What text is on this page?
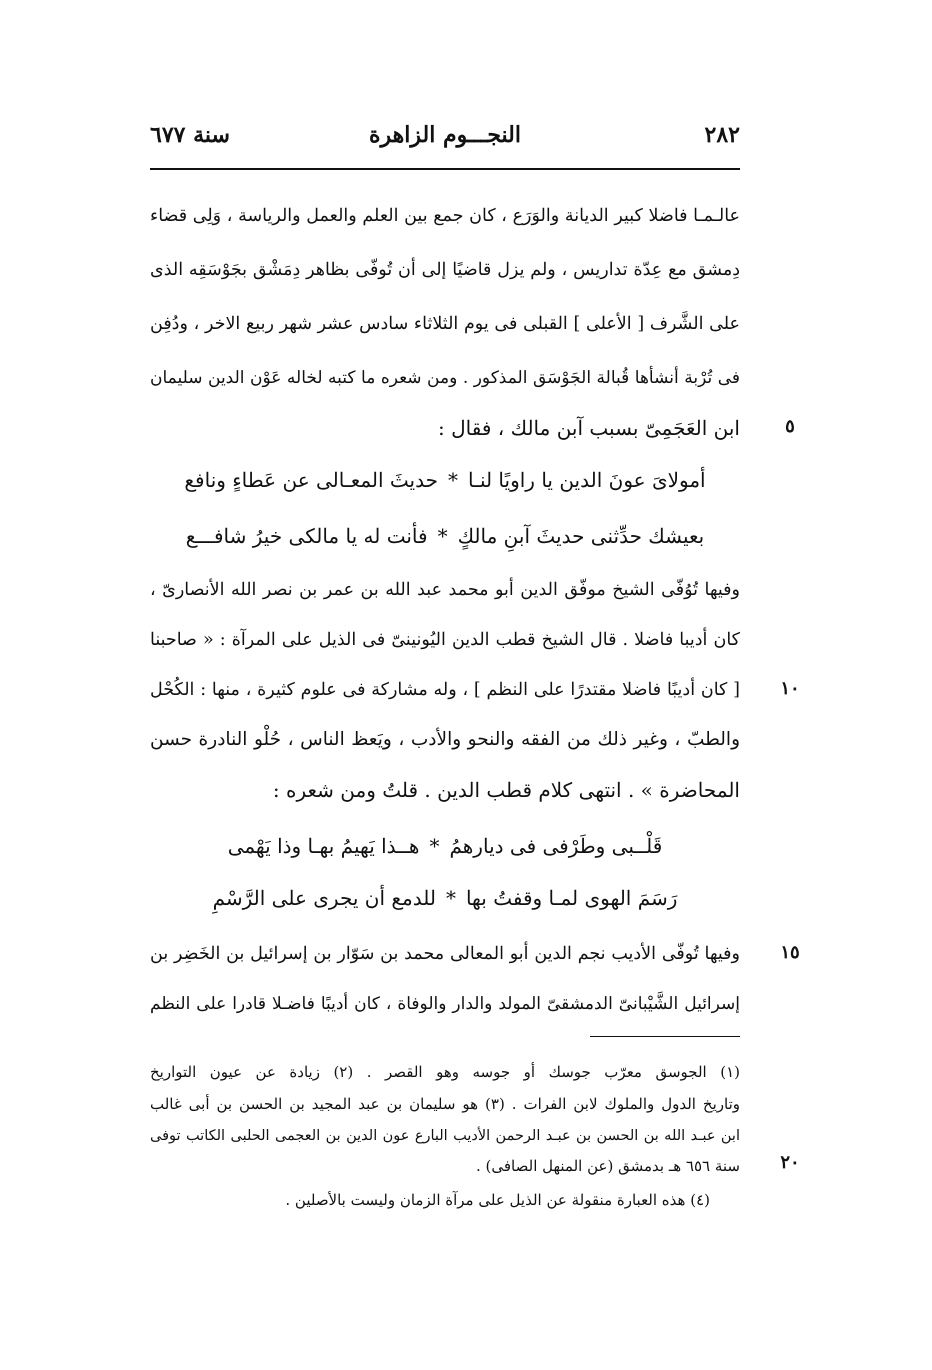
٢٨٢
النجـــوم الزاهرة
سنة ٦٧٧
عالـمـا فاضلا كبير الديانة والوَرَع ، كان جمع بين العلم والعمل والرياسة ، وَلِى قضاء
دِمشق مع عِدّة تداريس ، ولم يزل قاضيًا إلى أن تُوفّى بظاهر دِمَشْق بجَوْسَقِه الذى
على الشَّرف [ الأعلى ] القبلى فى يوم الثلاثاء سادس عشر شهر ربيع الاخر ، ودُفِن
فى تُرْبة أنشأها قُبالة الجَوْسَق المذكور . ومن شعره ما كتبه لخاله عَوْن الدين سليمان
ابن العَجَمِىّ بسبب آبن مالك ، فقال :
أمولاىَ عونَ الدين يا راويًا لنـا*حديثَ المعـالى عن عَطاءٍ ونافع
بعيشك حدِّثنى حديثَ آبنِ مالكٍ*فأنت له يا مالكى خيرُ شافـــع
وفيها تُوُفّى الشيخ موفّق الدين أبو محمد عبد الله بن عمر بن نصر الله الأنصارىّ ،
كان أديبا فاضلا . قال الشيخ قطب الدين اليُونينىّ فى الذيل على المرآة : « صاحبنا
[ كان أديبًا فاضلا مقتدرًا على النظم ] ، وله مشاركة فى علوم كثيرة ، منها : الكُحْل
والطبّ ، وغير ذلك من الفقه والنحو والأدب ، ويَعظ الناس ، حُلْو النادرة حسن
المحاضرة » . انتهى كلام قطب الدين . قلتُ ومن شعره :
قَلْــبى وطَرْفى فى ديارهمُ*هــذا يَهيمُ بهـا وذا يَهْمى
رَسَمَ الهوى لمـا وقفتُ بها*للدمع أن يجرى على الرَّسْمِ
وفيها تُوفّى الأديب نجم الدين أبو المعالى محمد بن سَوّار بن إسرائيل بن الخَضِر بن
إسرائيل الشَّيْبانىّ الدمشقىّ المولد والدار والوفاة ، كان أديبًا فاضـلا قادرا على النظم
٥
١٠
١٥
٢٠
(١) الجوسق معرّب جوسك أو جوسه وهو القصر . (٢) زيادة عن عيون التواريخ
وتاريخ الدول والملوك لابن الفرات . (٣) هو سليمان بن عبد المجيد بن الحسن بن أبى غالب
ابن عبـد الله بن الحسن بن عبـد الرحمن الأديب البارع عون الدين بن العجمى الحلبى الكاتب توفى
سنة ٦٥٦ هـ بدمشق (عن المنهل الصافى) .
(٤) هذه العبارة منقولة عن الذيل على مرآة الزمان وليست بالأصلين .
